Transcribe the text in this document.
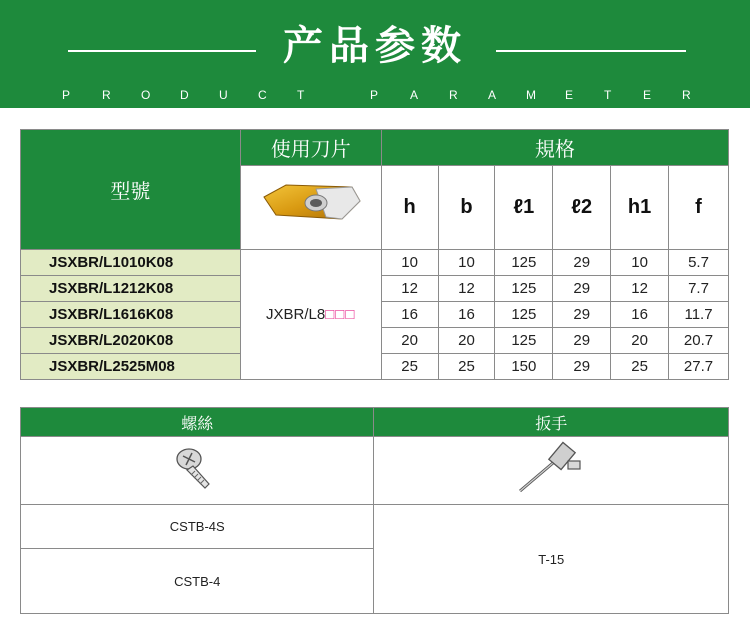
产品参数
P	R	O D	U	C	T	P	A	R	A M E	T	E	R
型號	使用刀片	規格					
	h	b	ℓ1	ℓ2	h1	f
JSXBR/L1010K08	JXBR/L8□□□	10	10	125	29	10	5.7
JSXBR/L1212K08		12	12	125	29	12	7.7
JSXBR/L1616K08		16	16	125	29	16	11.7
JSXBR/L2020K08		20	20	125	29	20	20.7
JSXBR/L2525M08		25	25	150	29	25	27.7
螺絲	扳手

CSTB-4S	T-15
CSTB-4	
